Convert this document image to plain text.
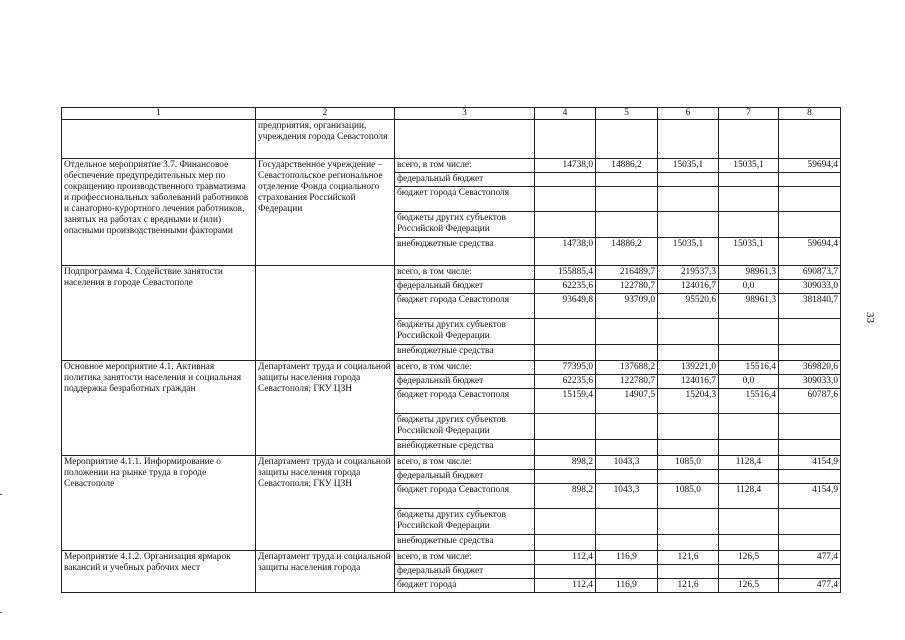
1	2	3	4	5	6	7	8
	предприятия, организации, учреждения города Севастополя						
Отдельное мероприятие 3.7. Финансовое обеспечение предупредительных мер по сокращению производственного травматизма и профессиональных заболеваний работников и санаторно-курортного лечения работников, занятых на работах с вредными и (или) опасными производственными факторами	Государственное учреждение – Севастопольское региональное отделение Фонда социального страхования Российской Федерации	всего, в том числе:	14738,0	14886,2	15035,1	15035,1	59694,4
		федеральный бюджет					
		бюджет города Севастополя					
		бюджеты других субъектов Российской Федерации					
		внебюджетные средства	14738,0	14886,2	15035,1	15035,1	59694,4
Подпрограмма 4. Содействие занятости населения в городе Севастополе		всего, в том числе:	155885,4	216489,7	219537,3	98961,3	690873,7
		федеральный бюджет	62235,6	122780,7	124016,7	0,0	309033,0
		бюджет города Севастополя	93649,8	93709,0	95520,6	98961,3	381840,7
		бюджеты других субъектов Российской Федерации					
		внебюджетные средства					
Основное мероприятие 4.1. Активная политика занятости населения и социальная поддержка безработных граждан	Департамент труда и социальной защиты населения города Севастополя; ГКУ ЦЗН	всего, в том числе:	77395,0	137688,2	139221,0	15516,4	369820,6
		федеральный бюджет	62235,6	122780,7	124016,7	0,0	309033,0
		бюджет города Севастополя	15159,4	14907,5	15204,3	15516,4	60787,6
		бюджеты других субъектов Российской Федерации					
		внебюджетные средства					
Мероприятие 4.1.1. Информирование о положении на рынке труда в городе Севастополе	Департамент труда и социальной защиты населения города Севастополя; ГКУ ЦЗН	всего, в том числе:	898,2	1043,3	1085,0	1128,4	4154,9
		федеральный бюджет					
		бюджет города Севастополя	898,2	1043,3	1085,0	1128,4	4154,9
		бюджеты других субъектов Российской Федерации					
		внебюджетные средства					
Мероприятие 4.1.2. Организация ярмарок вакансий и учебных рабочих мест	Департамент труда и социальной защиты населения города	всего, в том числе:	112,4	116,9	121,6	126,5	477,4
		федеральный бюджет					
		бюджет города	112,4	116,9	121,6	126,5	477,4
33
